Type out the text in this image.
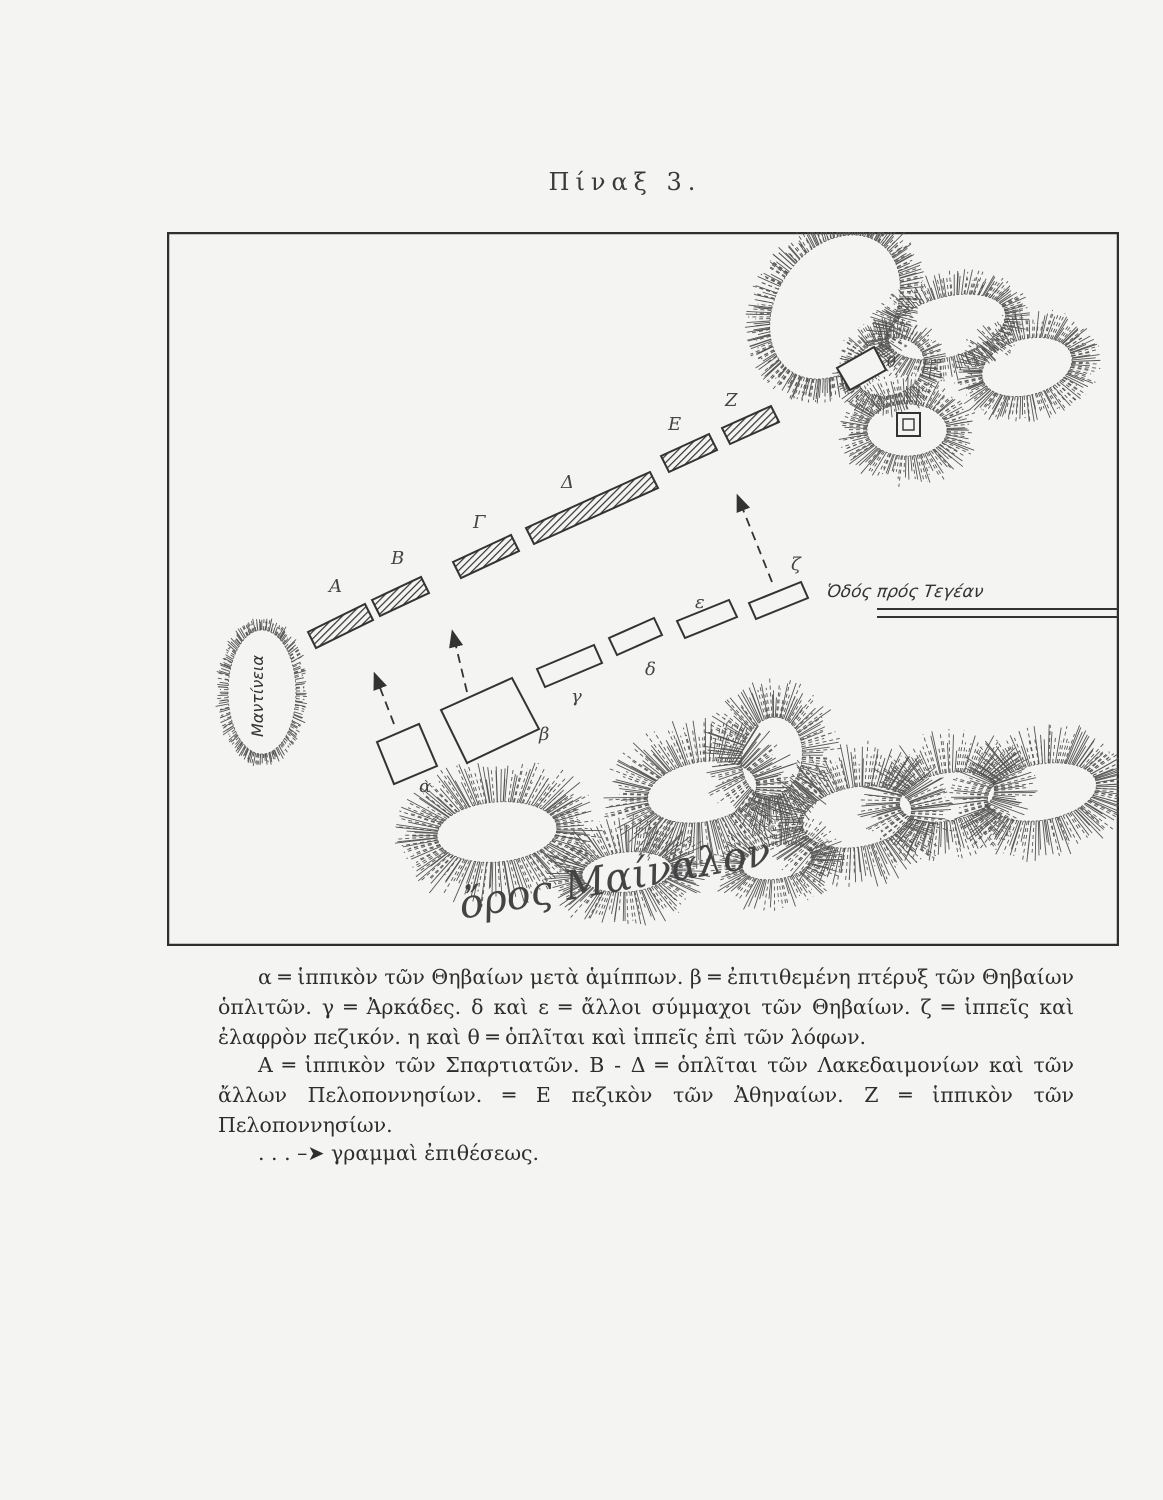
Πίναξ 3.
Ὁδός πρός Τεγέαν
Μαντίνεια
Α
Β
Γ
Δ
Ε
Ζ
α
β
γ
δ
ε
ζ
θ
ὄρος Μαίναλον

α ═ ἱππικὸν τῶν Θηβαίων μετὰ ἁμίππων. β ═ ἐπιτιθεμένη πτέρυξ τῶν Θηβαίων ὁπλιτῶν. γ ═ Ἀρκάδες. δ καὶ ε ═ ἄλλοι σύμμαχοι τῶν Θηβαίων. ζ ═ ἱππεῖς καὶ ἐλαφρὸν πεζικόν. η καὶ θ ═ ὁπλῖται καὶ ἱππεῖς ἐπὶ τῶν λόφων.

Α ═ ἱππικὸν τῶν Σπαρτιατῶν. Β - Δ ═ ὁπλῖται τῶν Λακεδαιμονίων καὶ τῶν ἄλλων Πελοποννησίων. ═ Ε πεζικὸν τῶν Ἀθηναίων. Ζ ═ ἱππικὸν τῶν Πελοποννησίων.

. . . –➤ γραμμαὶ ἐπιθέσεως.
